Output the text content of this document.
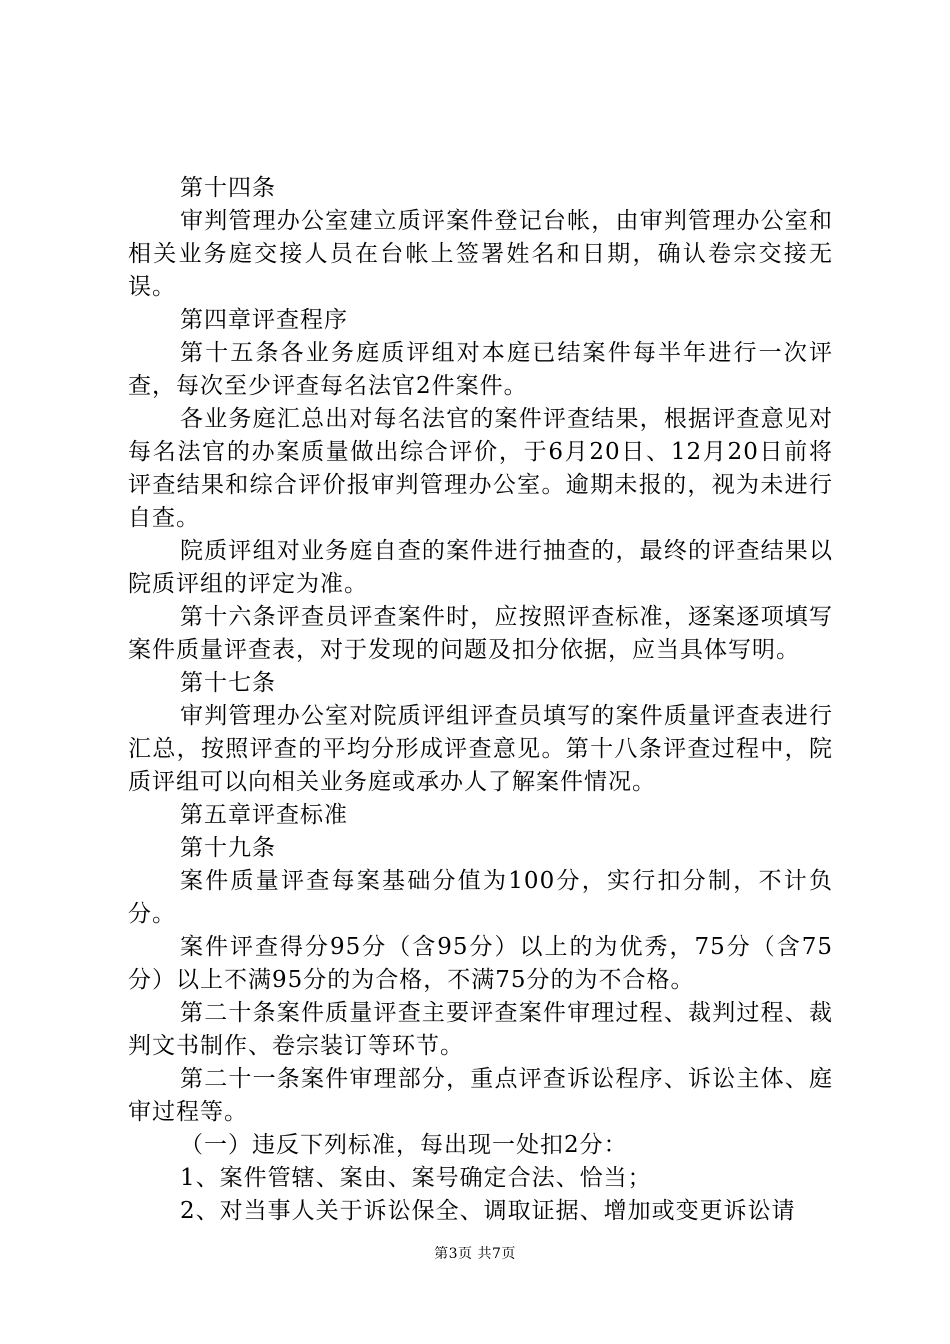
第十四条

审判管理办公室建立质评案件登记台帐，由审判管理办公室和相关业务庭交接人员在台帐上签署姓名和日期，确认卷宗交接无误。

第四章评查程序

第十五条各业务庭质评组对本庭已结案件每半年进行一次评查，每次至少评查每名法官2件案件。

各业务庭汇总出对每名法官的案件评查结果，根据评查意见对每名法官的办案质量做出综合评价，于6月20日、12月20日前将评查结果和综合评价报审判管理办公室。逾期未报的，视为未进行自查。

院质评组对业务庭自查的案件进行抽查的，最终的评查结果以院质评组的评定为准。

第十六条评查员评查案件时，应按照评查标准，逐案逐项填写案件质量评查表，对于发现的问题及扣分依据，应当具体写明。

第十七条

审判管理办公室对院质评组评查员填写的案件质量评查表进行汇总，按照评查的平均分形成评查意见。第十八条评查过程中，院质评组可以向相关业务庭或承办人了解案件情况。

第五章评查标准

第十九条

案件质量评查每案基础分值为100分，实行扣分制，不计负分。

案件评查得分95分（含95分）以上的为优秀，75分（含75分）以上不满95分的为合格，不满75分的为不合格。

第二十条案件质量评查主要评查案件审理过程、裁判过程、裁判文书制作、卷宗装订等环节。

第二十一条案件审理部分，重点评查诉讼程序、诉讼主体、庭审过程等。

（一）违反下列标准，每出现一处扣2分：

1、案件管辖、案由、案号确定合法、恰当；

2、对当事人关于诉讼保全、调取证据、增加或变更诉讼请

第3页 共7页
